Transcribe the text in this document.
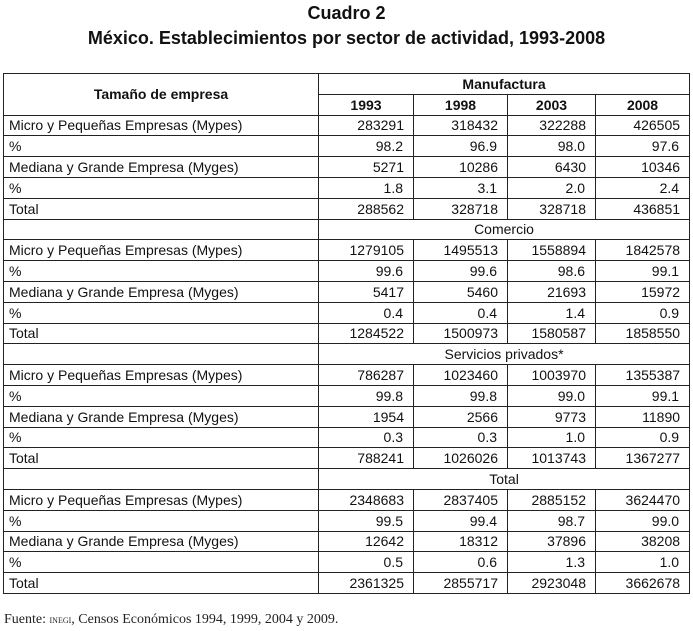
Cuadro 2
México. Establecimientos por sector de actividad, 1993-2008
Tamaño de empresa	Manufactura			
	1993	1998	2003	2008
Micro y Pequeñas Empresas (Mypes)	283291	318432	322288	426505
%	98.2	96.9	98.0	97.6
Mediana y Grande Empresa (Myges)	5271	10286	6430	10346
%	1.8	3.1	2.0	2.4
Total	288562	328718	328718	436851
	Comercio			
Micro y Pequeñas Empresas (Mypes)	1279105	1495513	1558894	1842578
%	99.6	99.6	98.6	99.1
Mediana y Grande Empresa (Myges)	5417	5460	21693	15972
%	0.4	0.4	1.4	0.9
Total	1284522	1500973	1580587	1858550
	Servicios privados*			
Micro y Pequeñas Empresas (Mypes)	786287	1023460	1003970	1355387
%	99.8	99.8	99.0	99.1
Mediana y Grande Empresa (Myges)	1954	2566	9773	11890
%	0.3	0.3	1.0	0.9
Total	788241	1026026	1013743	1367277
	Total			
Micro y Pequeñas Empresas (Mypes)	2348683	2837405	2885152	3624470
%	99.5	99.4	98.7	99.0
Mediana y Grande Empresa (Myges)	12642	18312	37896	38208
%	0.5	0.6	1.3	1.0
Total	2361325	2855717	2923048	3662678
Fuente: inegi, Censos Económicos 1994, 1999, 2004 y 2009.
